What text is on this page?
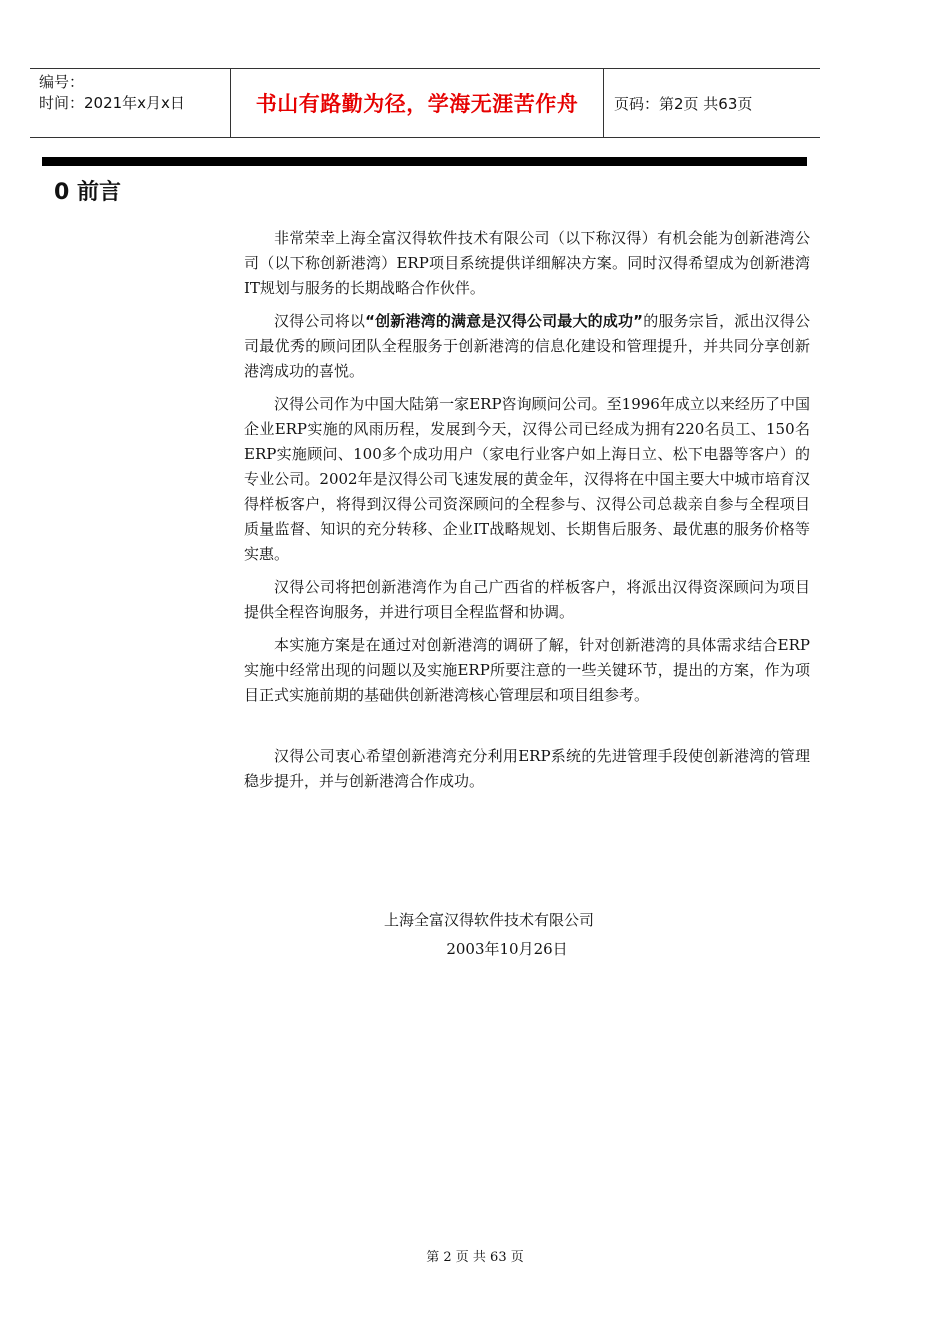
编号：
时间：2021年x月x日	书山有路勤为径，学海无涯苦作舟 页码：第2页 共63页
0 前言

非常荣幸上海全富汉得软件技术有限公司（以下称汉得）有机会能为创新港湾公司（以下称创新港湾）ERP项目系统提供详细解决方案。同时汉得希望成为创新港湾IT规划与服务的长期战略合作伙伴。

汉得公司将以“创新港湾的满意是汉得公司最大的成功”的服务宗旨，派出汉得公司最优秀的顾问团队全程服务于创新港湾的信息化建设和管理提升，并共同分享创新港湾成功的喜悦。

汉得公司作为中国大陆第一家ERP咨询顾问公司。至1996年成立以来经历了中国企业ERP实施的风雨历程，发展到今天，汉得公司已经成为拥有220名员工、150名ERP实施顾问、100多个成功用户（家电行业客户如上海日立、松下电器等客户）的专业公司。2002年是汉得公司飞速发展的黄金年，汉得将在中国主要大中城市培育汉得样板客户，将得到汉得公司资深顾问的全程参与、汉得公司总裁亲自参与全程项目质量监督、知识的充分转移、企业IT战略规划、长期售后服务、最优惠的服务价格等实惠。

汉得公司将把创新港湾作为自己广西省的样板客户，将派出汉得资深顾问为项目提供全程咨询服务，并进行项目全程监督和协调。

本实施方案是在通过对创新港湾的调研了解，针对创新港湾的具体需求结合ERP实施中经常出现的问题以及实施ERP所要注意的一些关键环节，提出的方案，作为项目正式实施前期的基础供创新港湾核心管理层和项目组参考。

汉得公司衷心希望创新港湾充分利用ERP系统的先进管理手段使创新港湾的管理稳步提升，并与创新港湾合作成功。

上海全富汉得软件技术有限公司
2003年10月26日
第 2 页 共 63 页
